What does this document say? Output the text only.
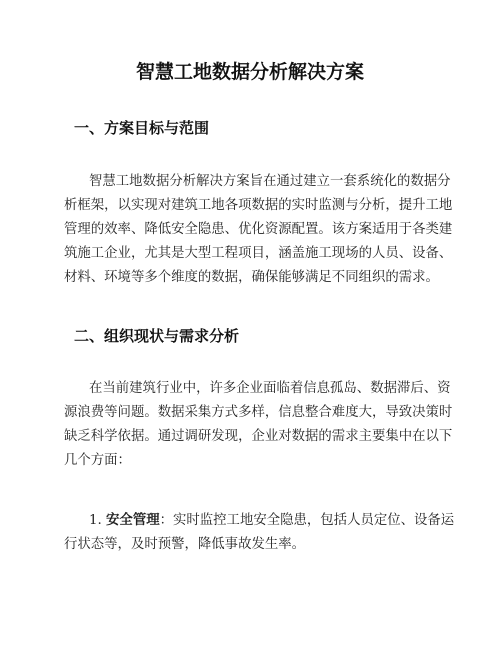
智慧工地数据分析解决方案
一、方案目标与范围
智慧工地数据分析解决方案旨在通过建立一套系统化的数据分
析框架，以实现对建筑工地各项数据的实时监测与分析，提升工地
管理的效率、降低安全隐患、优化资源配置。该方案适用于各类建
筑施工企业，尤其是大型工程项目，涵盖施工现场的人员、设备、
材料、环境等多个维度的数据，确保能够满足不同组织的需求。
二、组织现状与需求分析
在当前建筑行业中，许多企业面临着信息孤岛、数据滞后、资
源浪费等问题。数据采集方式多样，信息整合难度大，导致决策时
缺乏科学依据。通过调研发现，企业对数据的需求主要集中在以下
几个方面：
1. 安全管理：实时监控工地安全隐患，包括人员定位、设备运
行状态等，及时预警，降低事故发生率。
